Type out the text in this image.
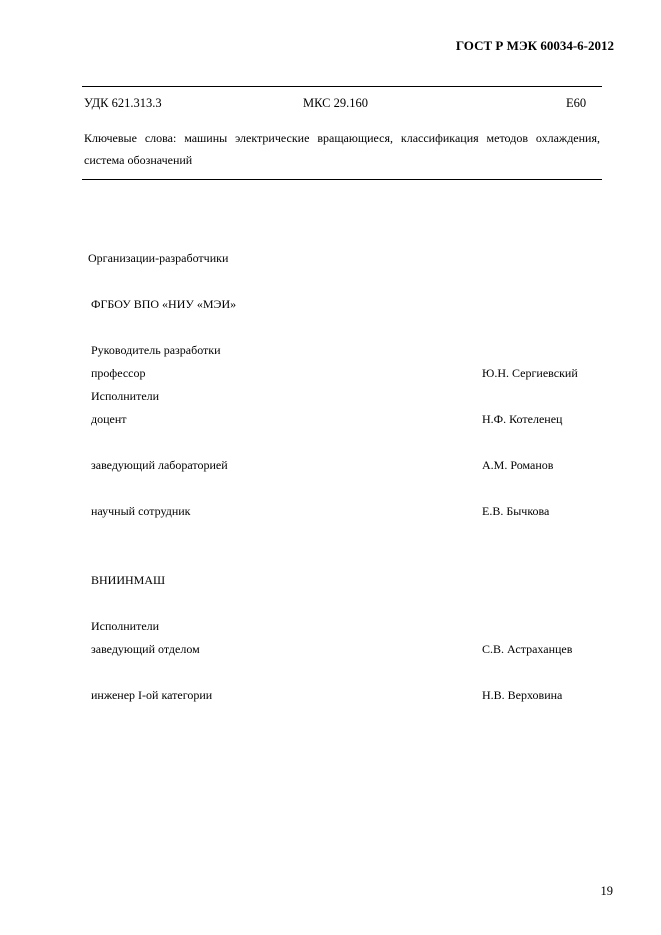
ГОСТ Р МЭК 60034-6-2012
УДК 621.313.3	МКС 29.160	Е60
Ключевые слова: машины электрические вращающиеся, классификация методов охлаждения, система обозначений
Организации-разработчики
ФГБОУ ВПО «НИУ «МЭИ»
Руководитель разработки
профессор	Ю.Н. Сергиевский
Исполнители
доцент	Н.Ф. Котеленец
заведующий лабораторией	А.М. Романов
научный сотрудник	Е.В. Бычкова
ВНИИНМАШ
Исполнители
заведующий отделом	С.В. Астраханцев
инженер I-ой категории	Н.В. Верховина
19
